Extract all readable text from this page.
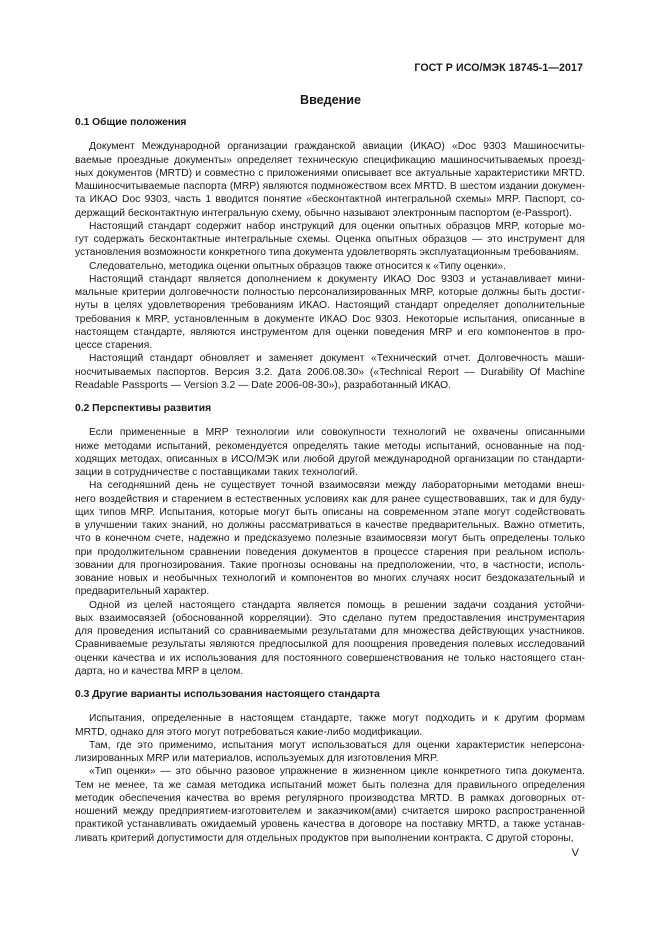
ГОСТ Р ИСО/МЭК 18745-1—2017
Введение
0.1 Общие положения

Документ Международной организации гражданской авиации (ИКАО) «Doc 9303 Машиносчиты-
ваемые проездные документы» определяет техническую спецификацию машиносчитываемых проезд-
ных документов (MRTD) и совместно с приложениями описывает все актуальные характеристики MRTD.
Машиносчитываемые паспорта (MRP) являются подмножеством всех MRTD. В шестом издании докумен-
та ИКАО Doc 9303, часть 1 вводится понятие «бесконтактной интегральной схемы» MRP. Паспорт, со-
держащий бесконтактную интегральную схему, обычно называют электронным паспортом (e-Passport).

Настоящий стандарт содержит набор инструкций для оценки опытных образцов MRP, которые мо-
гут содержать бесконтактные интегральные схемы. Оценка опытных образцов — это инструмент для
установления возможности конкретного типа документа удовлетворять эксплуатационным требованиям.

Следовательно, методика оценки опытных образцов также относится к «Типу оценки».

Настоящий стандарт является дополнением к документу ИКАО Doc 9303 и устанавливает мини-
мальные критерии долговечности полностью персонализированных MRP, которые должны быть достиг-
нуты в целях удовлетворения требованиям ИКАО. Настоящий стандарт определяет дополнительные
требования к MRP, установленным в документе ИКАО Doc 9303. Некоторые испытания, описанные в
настоящем стандарте, являются инструментом для оценки поведения MRP и его компонентов в про-
цессе старения.

Настоящий стандарт обновляет и заменяет документ «Технический отчет. Долговечность маши-
носчитываемых паспортов. Версия 3.2. Дата 2006.08.30» («Technical Report — Durability Of Machine
Readable Passports — Version 3.2 — Date 2006-08-30»), разработанный ИКАО.

0.2 Перспективы развития

Если примененные в MRP технологии или совокупности технологий не охвачены описанными
ниже методами испытаний, рекомендуется определять такие методы испытаний, основанные на под-
ходящих методах, описанных в ИСО/МЭК или любой другой международной организации по стандарти-
зации в сотрудничестве с поставщиками таких технологий.

На сегодняшний день не существует точной взаимосвязи между лабораторными методами внеш-
него воздействия и старением в естественных условиях как для ранее существовавших, так и для буду-
щих типов MRP. Испытания, которые могут быть описаны на современном этапе могут содействовать
в улучшении таких знаний, но должны рассматриваться в качестве предварительных. Важно отметить,
что в конечном счете, надежно и предсказуемо полезные взаимосвязи могут быть определены только
при продолжительном сравнении поведения документов в процессе старения при реальном исполь-
зовании для прогнозирования. Такие прогнозы основаны на предположении, что, в частности, исполь-
зование новых и необычных технологий и компонентов во многих случаях носит бездоказательный и
предварительный характер.

Одной из целей настоящего стандарта является помощь в решении задачи создания устойчи-
вых взаимосвязей (обоснованной корреляции). Это сделано путем предоставления инструментария
для проведения испытаний со сравниваемыми результатами для множества действующих участников.
Сравниваемые результаты являются предпосылкой для поощрения проведения полевых исследований
оценки качества и их использования для постоянного совершенствования не только настоящего стан-
дарта, но и качества MRP в целом.

0.3 Другие варианты использования настоящего стандарта

Испытания, определенные в настоящем стандарте, также могут подходить и к другим формам
MRTD, однако для этого могут потребоваться какие-либо модификации.

Там, где это применимо, испытания могут использоваться для оценки характеристик неперсона-
лизированных MRP или материалов, используемых для изготовления MRP.

«Тип оценки» — это обычно разовое упражнение в жизненном цикле конкретного типа документа.
Тем не менее, та же самая методика испытаний может быть полезна для правильного определения
методик обеспечения качества во время регулярного производства MRTD. В рамках договорных от-
ношений между предприятием-изготовителем и заказчиком(ами) считается широко распространенной
практикой устанавливать ожидаемый уровень качества в договоре на поставку MRTD, а также устанав-
ливать критерий допустимости для отдельных продуктов при выполнении контракта. С другой стороны,

V
